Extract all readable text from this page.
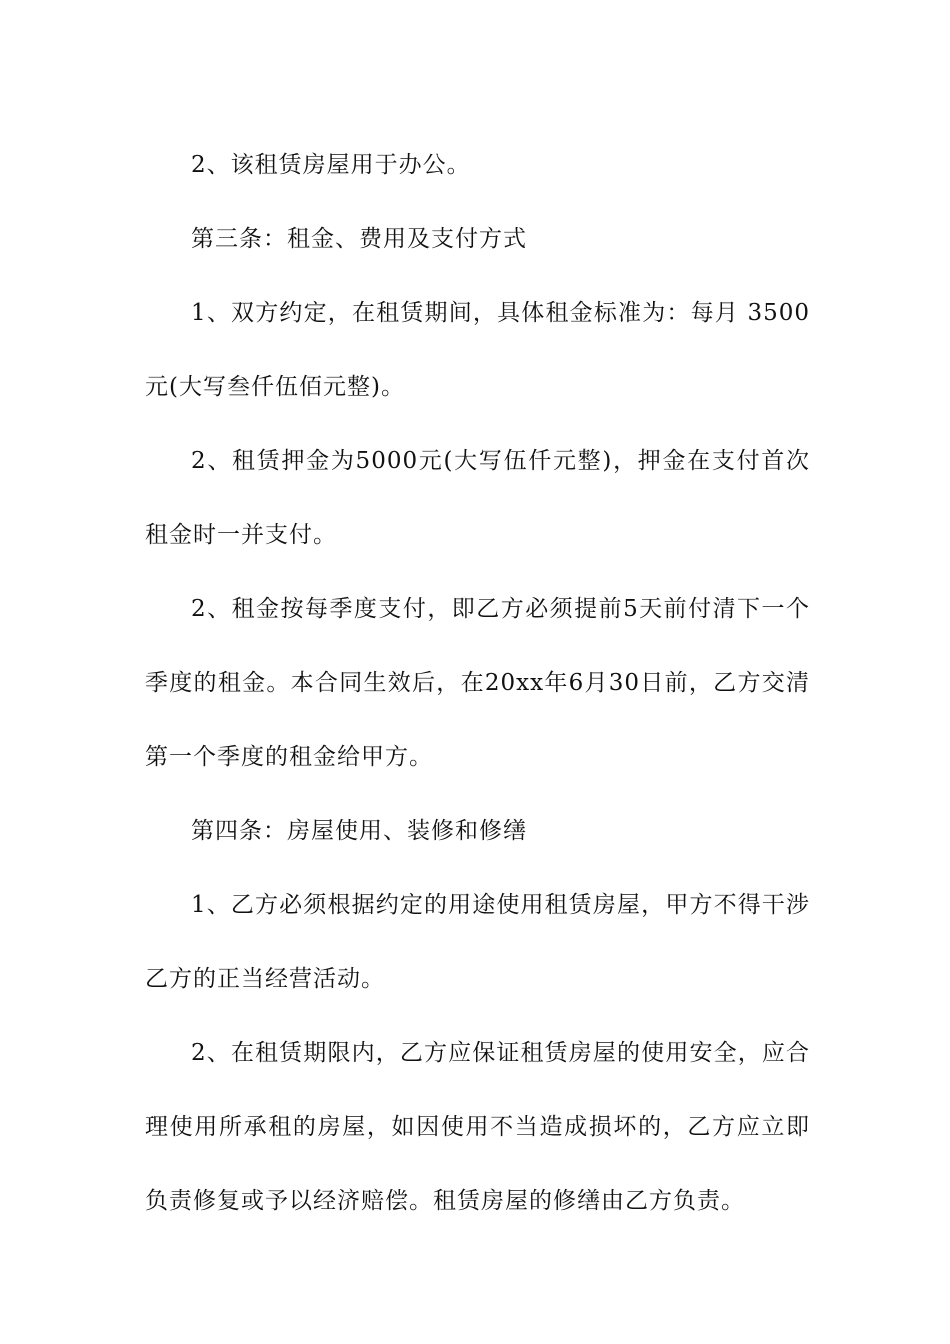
2、该租赁房屋用于办公。

第三条：租金、费用及支付方式

1、双方约定，在租赁期间，具体租金标准为：每月 3500 元(大写叁仟伍佰元整)。

2、租赁押金为5000元(大写伍仟元整)，押金在支付首次租金时一并支付。

2、租金按每季度支付，即乙方必须提前5天前付清下一个季度的租金。本合同生效后，在20xx年6月30日前，乙方交清第一个季度的租金给甲方。

第四条：房屋使用、装修和修缮

1、乙方必须根据约定的用途使用租赁房屋，甲方不得干涉乙方的正当经营活动。

2、在租赁期限内，乙方应保证租赁房屋的使用安全，应合理使用所承租的房屋，如因使用不当造成损坏的，乙方应立即负责修复或予以经济赔偿。租赁房屋的修缮由乙方负责。
